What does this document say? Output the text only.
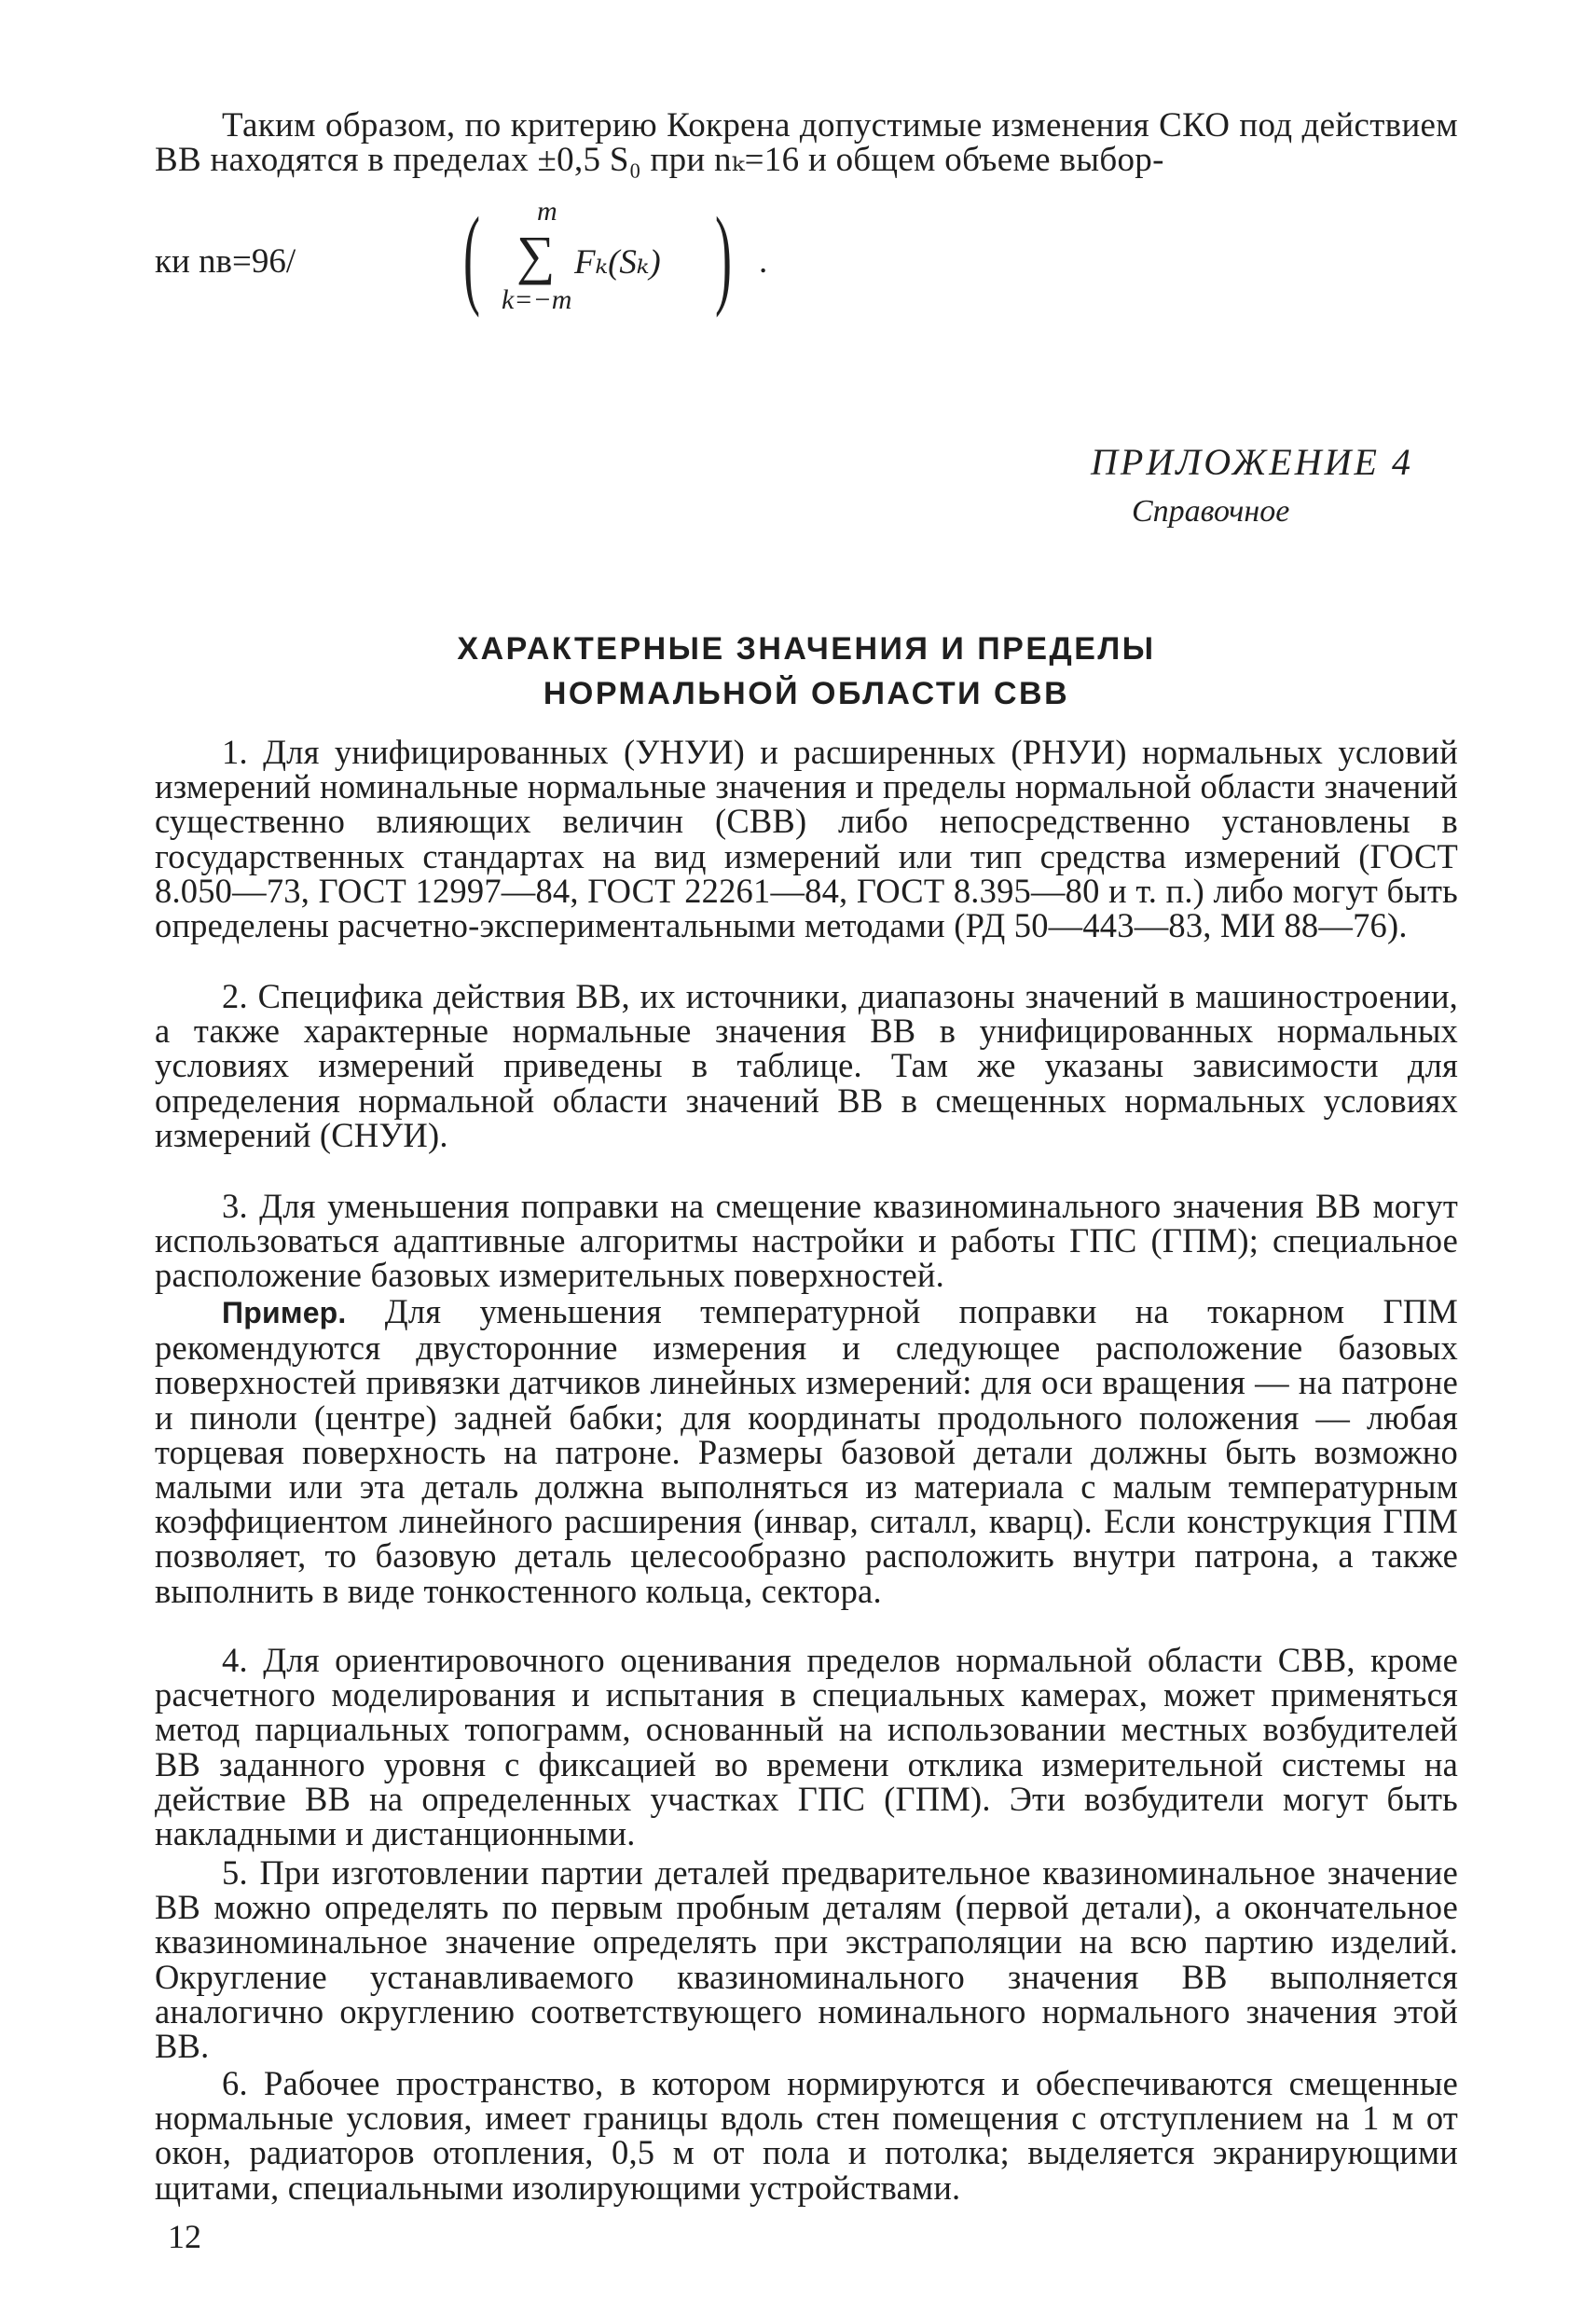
Таким образом, по критерию Кокрена допустимые изменения СКО под действием ВВ находятся в пределах ±0,5 S₀ при nₖ=16 и общем объеме выбор-
ки nв=96/ ( m
∑
k=−m
Fₖ(Sₖ) ) .
ПРИЛОЖЕНИЕ 4
Справочное
ХАРАКТЕРНЫЕ ЗНАЧЕНИЯ И ПРЕДЕЛЫ
НОРМАЛЬНОЙ ОБЛАСТИ СВВ
1. Для унифицированных (УНУИ) и расширенных (РНУИ) нормальных условий измерений номинальные нормальные значения и пределы нормальной области значений существенно влияющих величин (СВВ) либо непосредственно установлены в государственных стандартах на вид измерений или тип средства измерений (ГОСТ 8.050—73, ГОСТ 12997—84, ГОСТ 22261—84, ГОСТ 8.395—80 и т. п.) либо могут быть определены расчетно-экспериментальными методами (РД 50—443—83, МИ 88—76).
2. Специфика действия ВВ, их источники, диапазоны значений в машиностроении, а также характерные нормальные значения ВВ в унифицированных нормальных условиях измерений приведены в таблице. Там же указаны зависимости для определения нормальной области значений ВВ в смещенных нормальных условиях измерений (СНУИ).
3. Для уменьшения поправки на смещение квазиноминального значения ВВ могут использоваться адаптивные алгоритмы настройки и работы ГПС (ГПМ); специальное расположение базовых измерительных поверхностей.
Пример. Для уменьшения температурной поправки на токарном ГПМ рекомендуются двусторонние измерения и следующее расположение базовых поверхностей привязки датчиков линейных измерений: для оси вращения — на патроне и пиноли (центре) задней бабки; для координаты продольного положения — любая торцевая поверхность на патроне. Размеры базовой детали должны быть возможно малыми или эта деталь должна выполняться из материала с малым температурным коэффициентом линейного расширения (инвар, ситалл, кварц). Если конструкция ГПМ позволяет, то базовую деталь целесообразно расположить внутри патрона, а также выполнить в виде тонкостенного кольца, сектора.
4. Для ориентировочного оценивания пределов нормальной области СВВ, кроме расчетного моделирования и испытания в специальных камерах, может применяться метод парциальных топограмм, основанный на использовании местных возбудителей ВВ заданного уровня с фиксацией во времени отклика измерительной системы на действие ВВ на определенных участках ГПС (ГПМ). Эти возбудители могут быть накладными и дистанционными.
5. При изготовлении партии деталей предварительное квазиноминальное значение ВВ можно определять по первым пробным деталям (первой детали), а окончательное квазиноминальное значение определять при экстраполяции на всю партию изделий. Округление устанавливаемого квазиноминального значения ВВ выполняется аналогично округлению соответствующего номинального нормального значения этой ВВ.
6. Рабочее пространство, в котором нормируются и обеспечиваются смещенные нормальные условия, имеет границы вдоль стен помещения с отступлением на 1 м от окон, радиаторов отопления, 0,5 м от пола и потолка; выделяется экранирующими щитами, специальными изолирующими устройствами.
12
